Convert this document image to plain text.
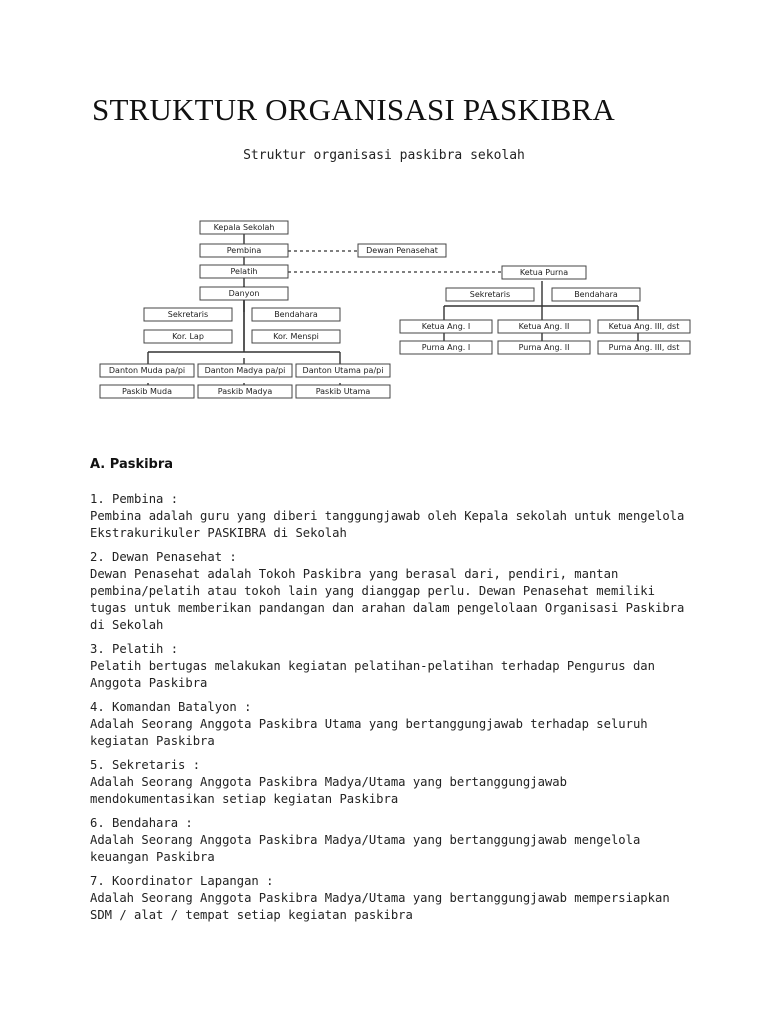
STRUKTUR ORGANISASI PASKIBRA
Struktur organisasi paskibra sekolah
Kepala Sekolah
Pembina	Dewan Penasehat
Pelatih
Danyon
Sekretaris	Bendahara
Kor. Lap	Kor. Menspi
Danton Muda pa/pi Danton Madya pa/pi Danton Utama pa/pi
Paskib Muda	Paskib Madya	Paskib Utama
Ketua Purna
Sekretaris	Bendahara
Ketua Ang. I	Ketua Ang. II	Ketua Ang. III, dst
Purna Ang. I	Purna Ang. II	Purna Ang. III, dst
A. Paskibra
1. Pembina :
Pembina adalah guru yang diberi tanggungjawab oleh Kepala sekolah untuk mengelola Ekstrakurikuler PASKIBRA di Sekolah
2. Dewan Penasehat :
Dewan Penasehat adalah Tokoh Paskibra yang berasal dari, pendiri, mantan pembina/pelatih atau tokoh lain yang dianggap perlu. Dewan Penasehat memiliki tugas untuk memberikan pandangan dan arahan dalam pengelolaan Organisasi Paskibra di Sekolah
3. Pelatih :
Pelatih bertugas melakukan kegiatan pelatihan-pelatihan terhadap Pengurus dan Anggota Paskibra
4. Komandan Batalyon :
Adalah Seorang Anggota Paskibra Utama yang bertanggungjawab terhadap seluruh kegiatan Paskibra
5. Sekretaris :
Adalah Seorang Anggota Paskibra Madya/Utama yang bertanggungjawab mendokumentasikan setiap kegiatan Paskibra
6. Bendahara :
Adalah Seorang Anggota Paskibra Madya/Utama yang bertanggungjawab mengelola keuangan Paskibra
7. Koordinator Lapangan :
Adalah Seorang Anggota Paskibra Madya/Utama yang bertanggungjawab mempersiapkan SDM / alat / tempat setiap kegiatan paskibra
